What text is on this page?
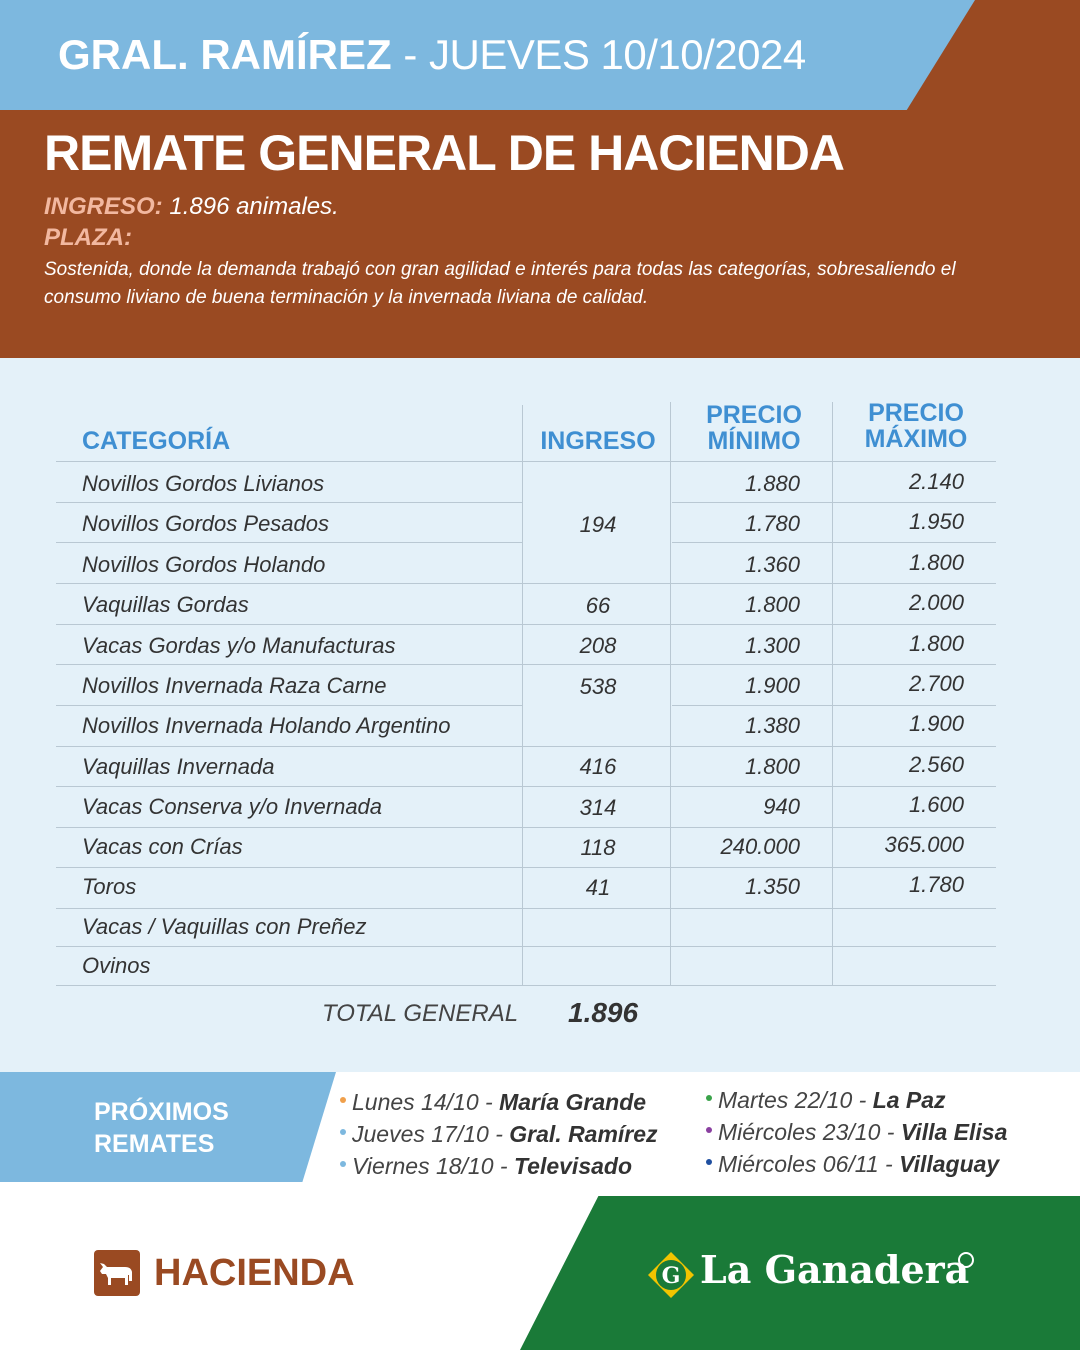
GRAL. RAMÍREZ - JUEVES 10/10/2024
REMATE GENERAL DE HACIENDA
INGRESO: 1.896 animales.
PLAZA:
Sostenida, donde la demanda trabajó con gran agilidad e interés para todas las categorías, sobresaliendo el consumo liviano de buena terminación y la invernada liviana de calidad.
CATEGORÍA	INGRESO
PRECIO
MÍNIMO
PRECIO
MÁXIMO
Novillos Gordos Livianos
Novillos Gordos Pesados
Novillos Gordos Holando
Vaquillas Gordas
Vacas Gordas y/o Manufacturas
Novillos Invernada Raza Carne
Novillos Invernada Holando Argentino
Vaquillas Invernada
Vacas Conserva y/o Invernada
Vacas con Crías
Toros
Vacas / Vaquillas con Preñez
Ovinos
194
66
208
538
416
314
118
41
1.880
1.780
1.360
1.800
1.300
1.900
1.380
1.800
940
240.000
1.350
2.140
1.950
1.800
2.000
1.800
2.700
1.900
2.560
1.600
365.000
1.780
TOTAL GENERAL 1.896
PRÓXIMOS
REMATES
Lunes 14/10 - María Grande
Jueves 17/10 - Gral. Ramírez
Viernes 18/10 - Televisado
Martes 22/10 - La Paz
Miércoles 23/10 - Villa Elisa
Miércoles 06/11 - Villaguay
HACIENDA	G La Ganadera
